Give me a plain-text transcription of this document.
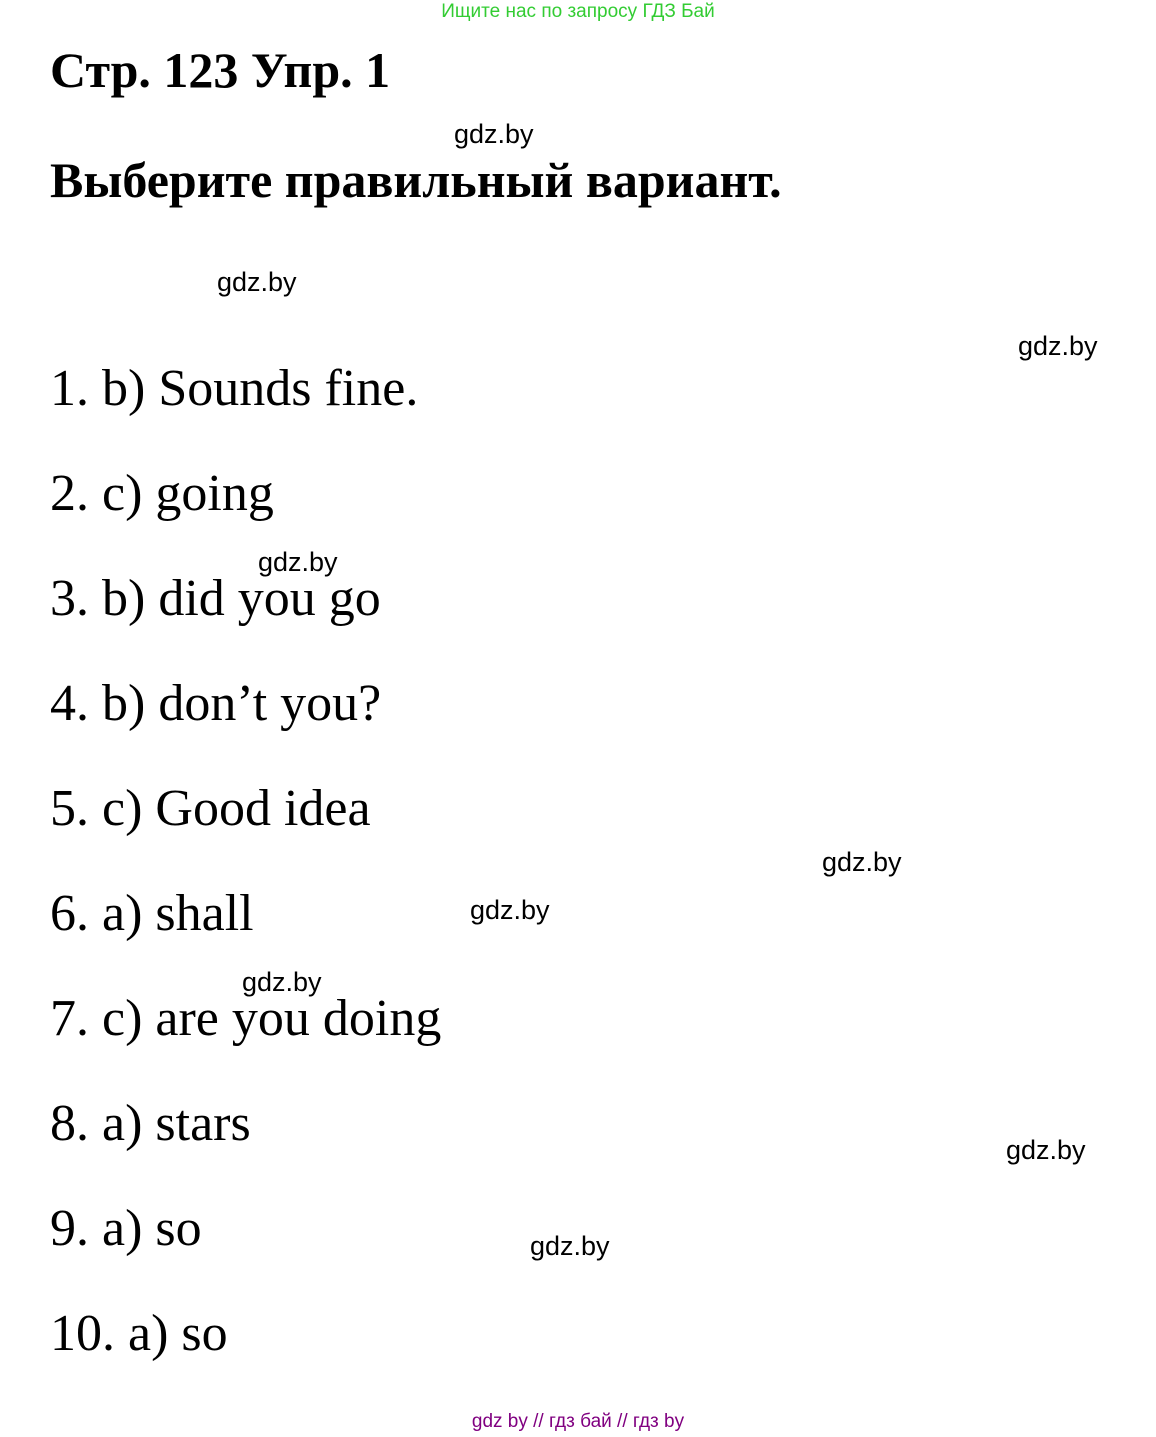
Ищите нас по запросу ГДЗ Бай
Стр. 123 Упр. 1
Выберите правильный вариант.
1. b) Sounds fine.
2. c) going
3. b) did you go
4. b) don’t you?
5. c) Good idea
6. a) shall
7. c) are you doing
8. a) stars
9. a) so
10. a) so
gdz.by
gdz.by
gdz.by
gdz.by
gdz.by
gdz.by
gdz.by
gdz.by
gdz.by
gdz by // гдз бай // гдз by
